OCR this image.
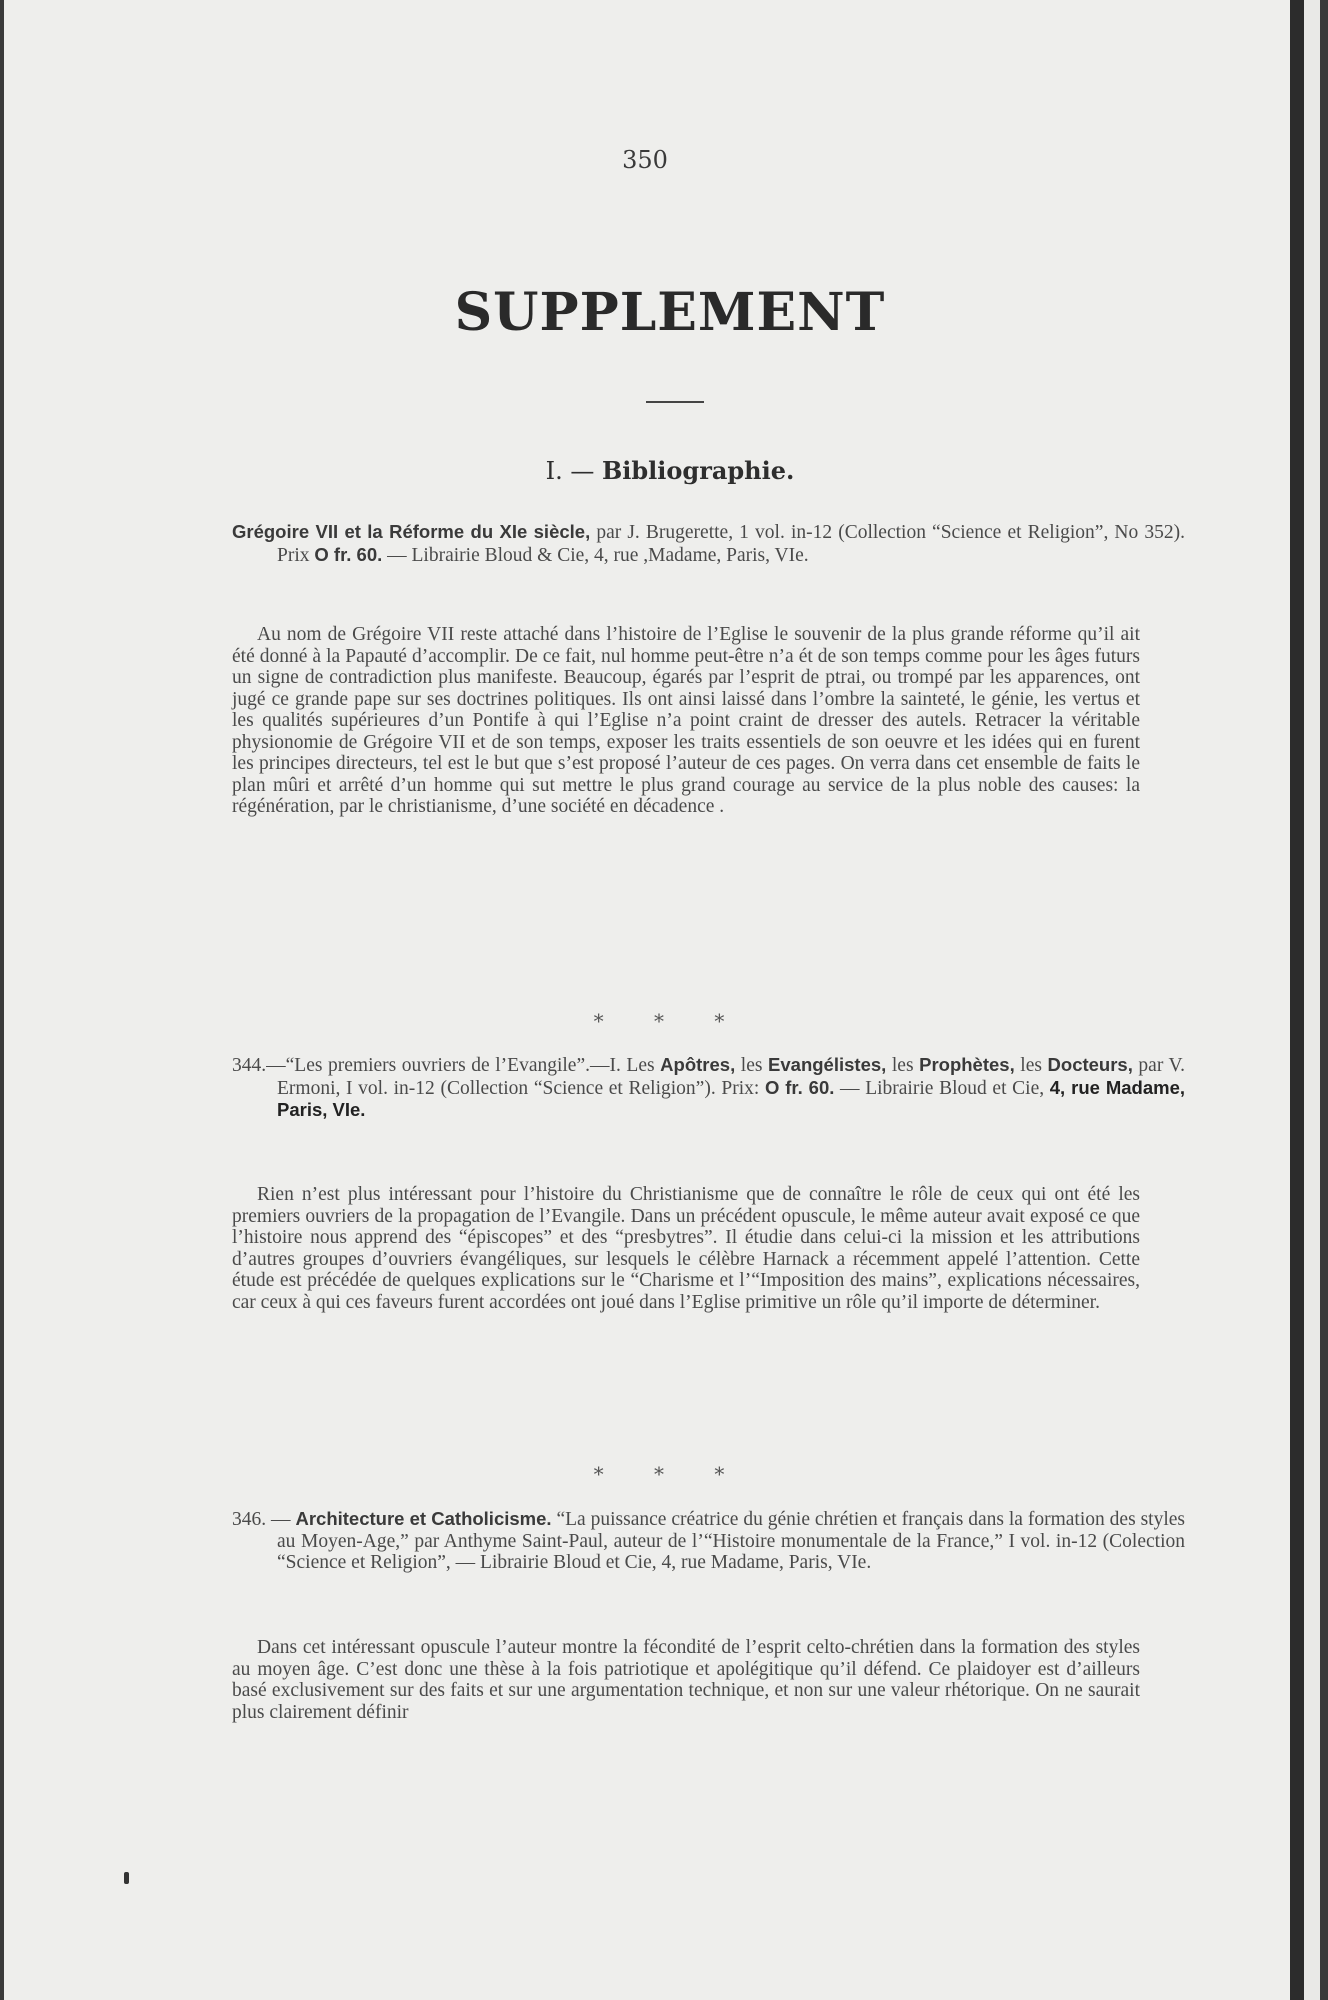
350
SUPPLEMENT
I. — Bibliographie.
Grégoire VII et la Réforme du XIe siècle, par J. Brugerette, 1 vol. in-12 (Collection “Science et Religion”, No 352). Prix O fr. 60. — Librairie Bloud & Cie, 4, rue ,Madame, Paris, VIe.
Au nom de Grégoire VII reste attaché dans l’histoire de l’Eglise le souvenir de la plus grande réforme qu’il ait été donné à la Papauté d’accomplir. De ce fait, nul homme peut-être n’a ét de son temps comme pour les âges futurs un signe de contradiction plus manifeste. Beaucoup, égarés par l’esprit de ptrai, ou trompé par les apparences, ont jugé ce grande pape sur ses doctrines politiques. Ils ont ainsi laissé dans l’ombre la sainteté, le génie, les vertus et les qualités supérieures d’un Pontife à qui l’Eglise n’a point craint de dresser des autels. Retracer la véritable physionomie de Grégoire VII et de son temps, exposer les traits essentiels de son oeuvre et les idées qui en furent les principes directeurs, tel est le but que s’est proposé l’auteur de ces pages. On verra dans cet ensemble de faits le plan mûri et arrêté d’un homme qui sut mettre le plus grand courage au service de la plus noble des causes: la régénération, par le christianisme, d’une société en décadence .
* * *
344.—“Les premiers ouvriers de l’Evangile”.—I. Les Apôtres, les Evangélistes, les Prophètes, les Docteurs, par V. Ermoni, I vol. in-12 (Collection “Science et Religion”). Prix: O fr. 60. — Librairie Bloud et Cie, 4, rue Madame, Paris, VIe.
Rien n’est plus intéressant pour l’histoire du Christianisme que de connaître le rôle de ceux qui ont été les premiers ouvriers de la propagation de l’Evangile. Dans un précédent opuscule, le même auteur avait exposé ce que l’histoire nous apprend des “épiscopes” et des “presbytres”. Il étudie dans celui-ci la mission et les attributions d’autres groupes d’ouvriers évangéliques, sur lesquels le célèbre Harnack a récemment appelé l’attention. Cette étude est précédée de quelques explications sur le “Charisme et l’“Imposition des mains”, explications nécessaires, car ceux à qui ces faveurs furent accordées ont joué dans l’Eglise primitive un rôle qu’il importe de déterminer.
* * *
346. — Architecture et Catholicisme. “La puissance créatrice du génie chrétien et français dans la formation des styles au Moyen-Age,” par Anthyme Saint-Paul, auteur de l’“Histoire monumentale de la France,” I vol. in-12 (Colection “Science et Religion”, — Librairie Bloud et Cie, 4, rue Madame, Paris, VIe.
Dans cet intéressant opuscule l’auteur montre la fécondité de l’esprit celto-chrétien dans la formation des styles au moyen âge. C’est donc une thèse à la fois patriotique et apolégitique qu’il défend. Ce plaidoyer est d’ailleurs basé exclusivement sur des faits et sur une argumentation technique, et non sur une valeur rhétorique. On ne saurait plus clairement définir
